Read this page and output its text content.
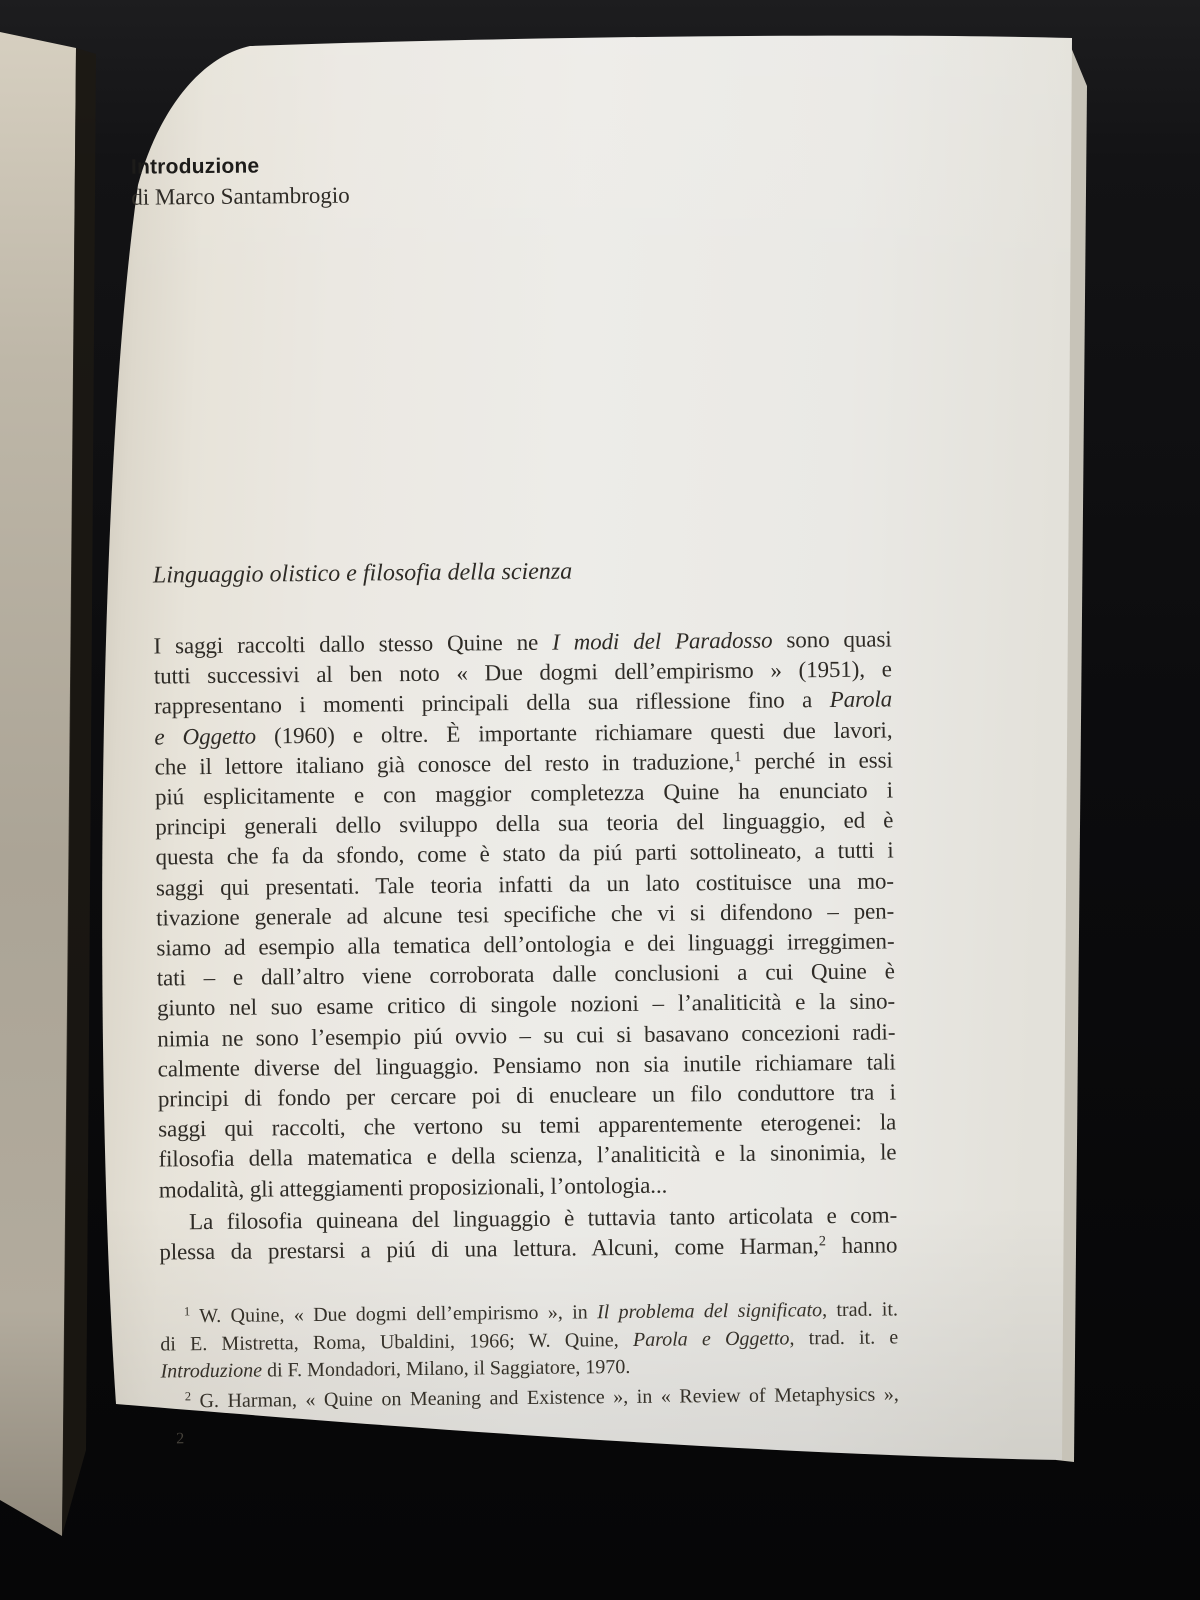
Introduzione
di Marco Santambrogio
Linguaggio olistico e filosofia della scienza
I saggi raccolti dallo stesso Quine ne I modi del Paradosso sono quasi
tutti successivi al ben noto « Due dogmi dell’empirismo » (1951), e
rappresentano i momenti principali della sua riflessione fino a Parola
e Oggetto (1960) e oltre. È importante richiamare questi due lavori,
che il lettore italiano già conosce del resto in traduzione,$^1$ perché in essi
piú esplicitamente e con maggior completezza Quine ha enunciato i
principi generali dello sviluppo della sua teoria del linguaggio, ed è
questa che fa da sfondo, come è stato da piú parti sottolineato, a tutti i
saggi qui presentati. Tale teoria infatti da un lato costituisce una mo-
tivazione generale ad alcune tesi specifiche che vi si difendono – pen-
siamo ad esempio alla tematica dell’ontologia e dei linguaggi irreggimen-
tati – e dall’altro viene corroborata dalle conclusioni a cui Quine è
giunto nel suo esame critico di singole nozioni – l’analiticità e la sino-
nimia ne sono l’esempio piú ovvio – su cui si basavano concezioni radi-
calmente diverse del linguaggio. Pensiamo non sia inutile richiamare tali
principi di fondo per cercare poi di enucleare un filo conduttore tra i
saggi qui raccolti, che vertono su temi apparentemente eterogenei: la
filosofia della matematica e della scienza, l’analiticità e la sinonimia, le
modalità, gli atteggiamenti proposizionali, l’ontologia...
La filosofia quineana del linguaggio è tuttavia tanto articolata e com-
plessa da prestarsi a piú di una lettura. Alcuni, come Harman,$^2$ hanno
$^1$ W. Quine, « Due dogmi dell’empirismo », in Il problema del significato, trad. it.
di E. Mistretta, Roma, Ubaldini, 1966; W. Quine, Parola e Oggetto, trad. it. e
Introduzione di F. Mondadori, Milano, il Saggiatore, 1970.
$^2$ G. Harman, « Quine on Meaning and Existence », in « Review of Metaphysics »,
2
